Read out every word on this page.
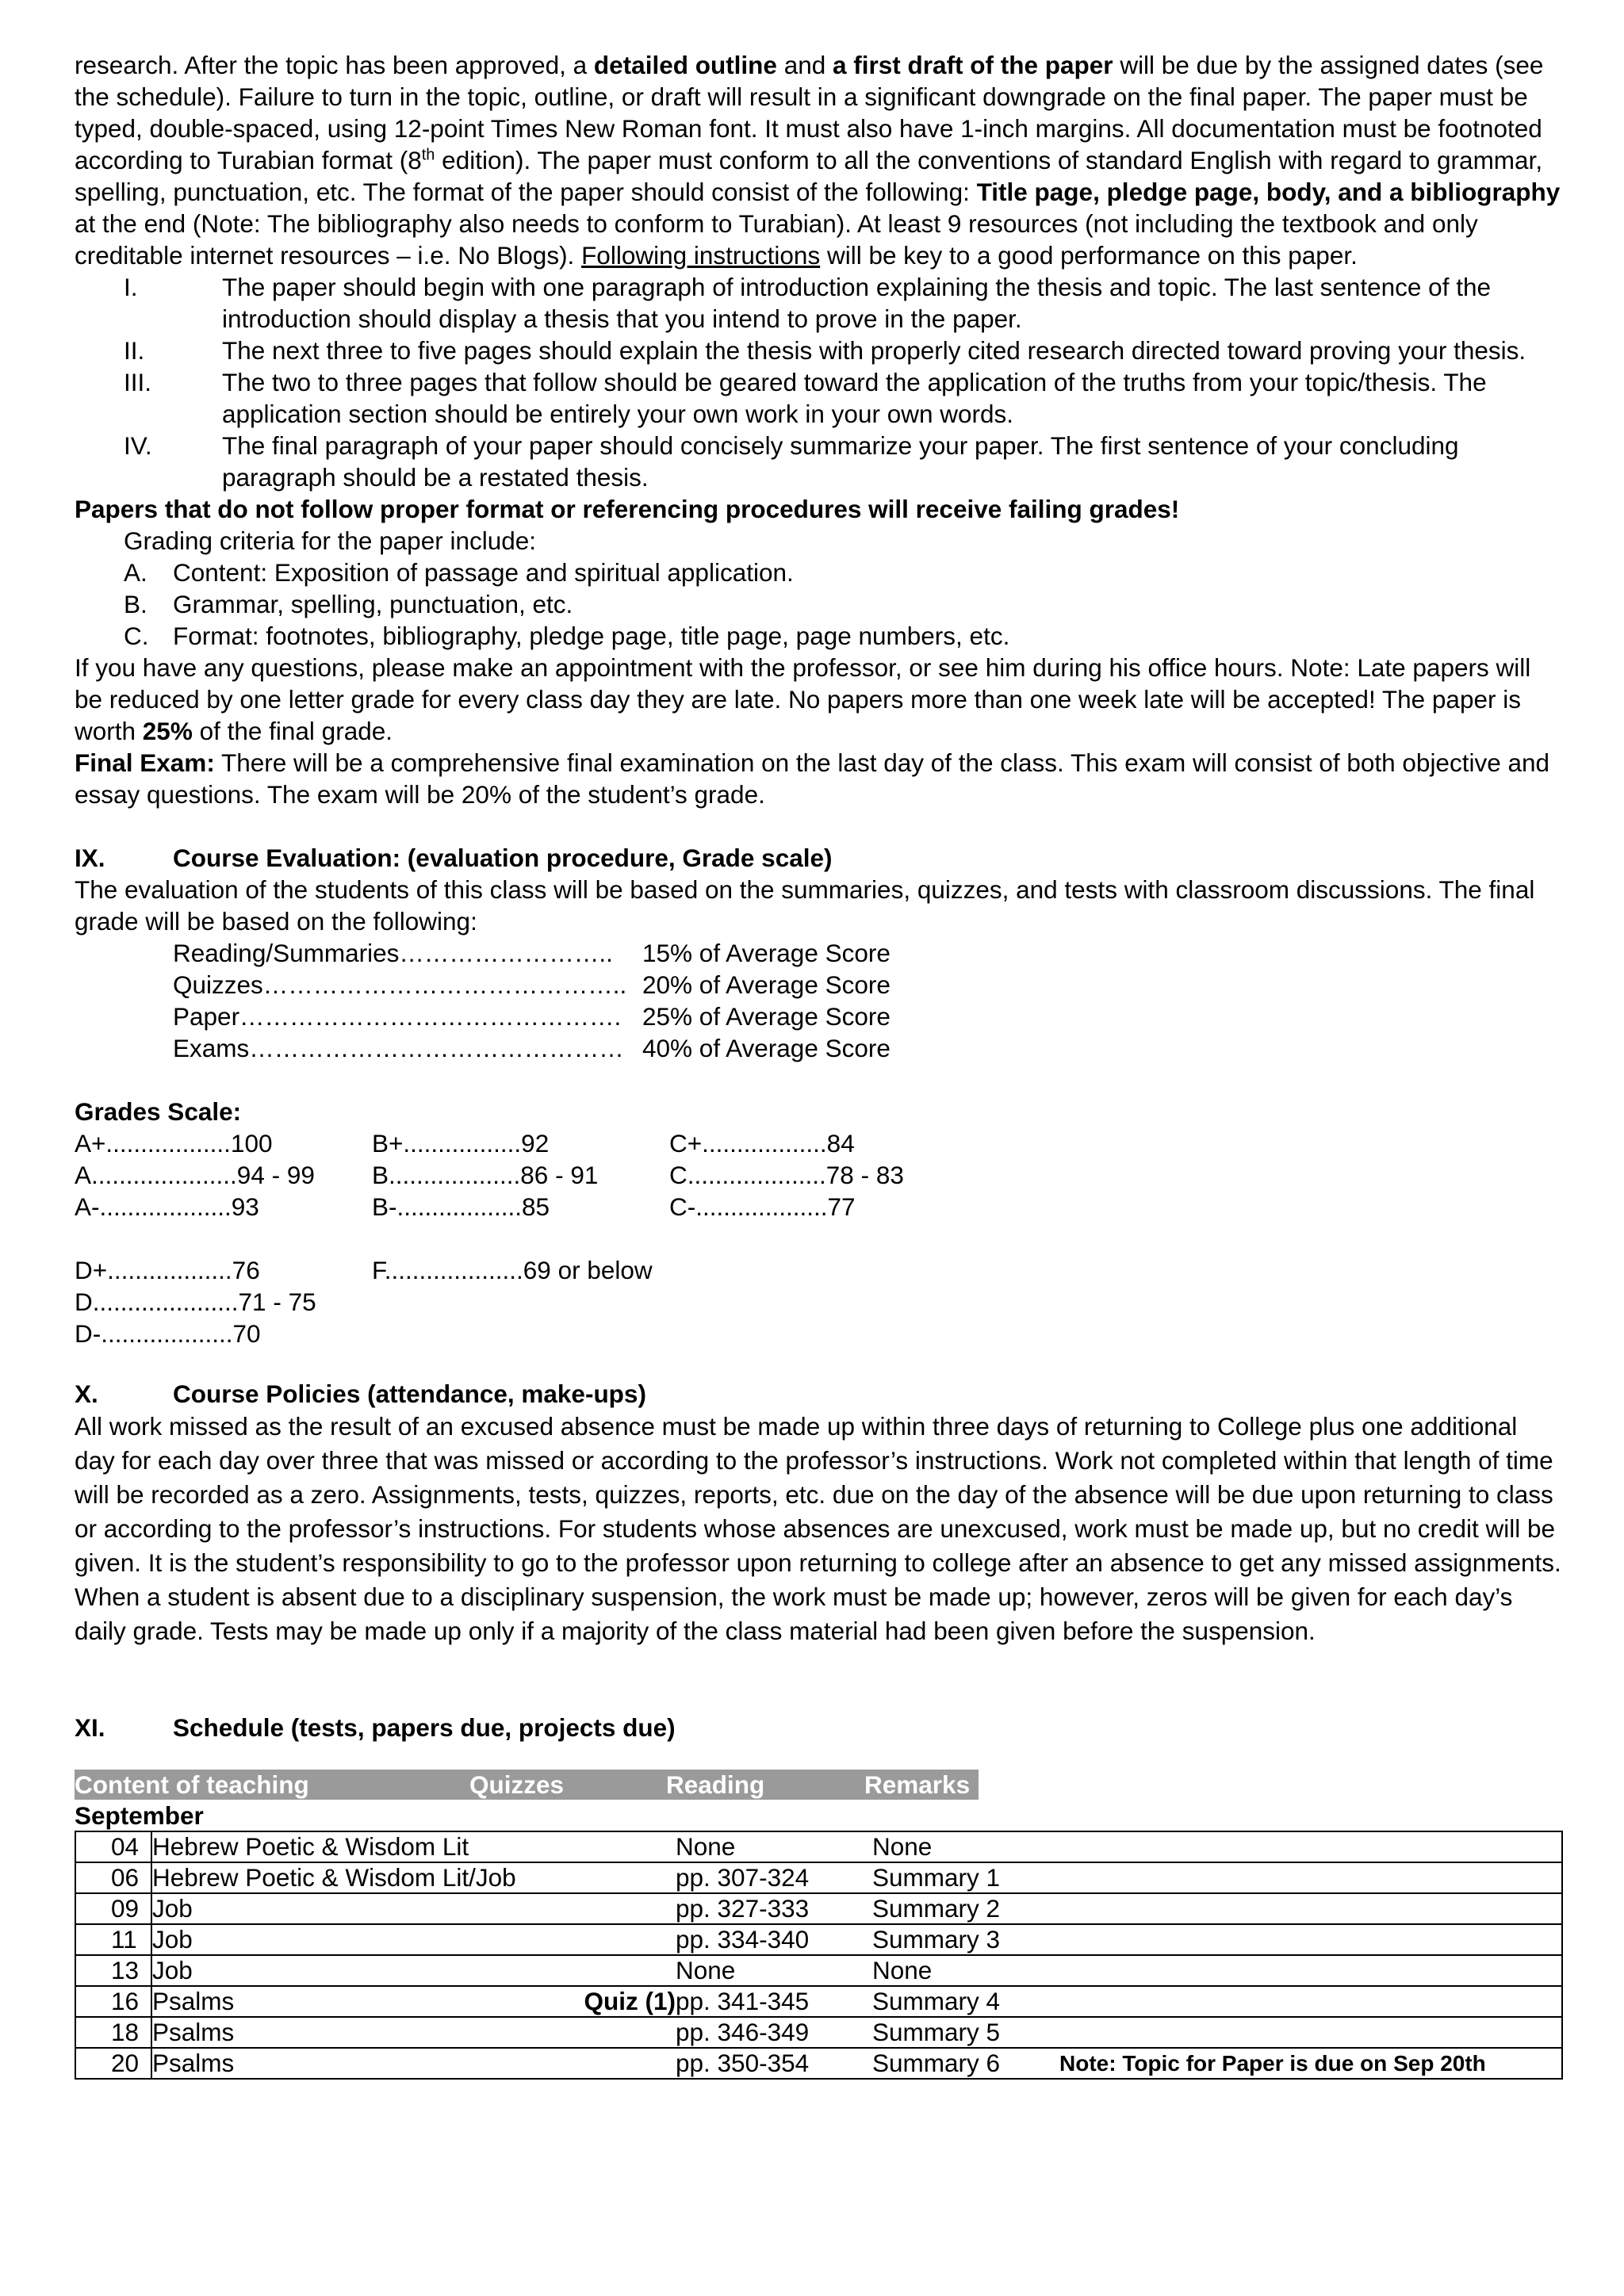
research. After the topic has been approved, a detailed outline and a first draft of the paper will be due by the assigned dates (see the schedule). Failure to turn in the topic, outline, or draft will result in a significant downgrade on the final paper. The paper must be typed, double-spaced, using 12-point Times New Roman font. It must also have 1-inch margins. All documentation must be footnoted according to Turabian format (8th edition). The paper must conform to all the conventions of standard English with regard to grammar, spelling, punctuation, etc. The format of the paper should consist of the following: Title page, pledge page, body, and a bibliography at the end (Note: The bibliography also needs to conform to Turabian). At least 9 resources (not including the textbook and only creditable internet resources – i.e. No Blogs). Following instructions will be key to a good performance on this paper.

I.	The paper should begin with one paragraph of introduction explaining the thesis and topic. The last sentence of the introduction should display a thesis that you intend to prove in the paper.
II.	The next three to five pages should explain the thesis with properly cited research directed toward proving your thesis.
III.	The two to three pages that follow should be geared toward the application of the truths from your topic/thesis. The application section should be entirely your own work in your own words.
IV.	The final paragraph of your paper should concisely summarize your paper. The first sentence of your concluding paragraph should be a restated thesis.

Papers that do not follow proper format or referencing procedures will receive failing grades!

Grading criteria for the paper include:
A. Content: Exposition of passage and spiritual application.
B. Grammar, spelling, punctuation, etc.
C. Format: footnotes, bibliography, pledge page, title page, page numbers, etc.

If you have any questions, please make an appointment with the professor, or see him during his office hours. Note: Late papers will be reduced by one letter grade for every class day they are late. No papers more than one week late will be accepted! The paper is worth 25% of the final grade.

Final Exam: There will be a comprehensive final examination on the last day of the class. This exam will consist of both objective and essay questions. The exam will be 20% of the student’s grade.

IX.	Course Evaluation: (evaluation procedure, Grade scale)

The evaluation of the students of this class will be based on the summaries, quizzes, and tests with classroom discussions. The final grade will be based on the following:

Reading/Summaries……………………..	15% of Average Score
Quizzes…………………………………….. 20% of Average Score
Paper………………………………………. 25% of Average Score
Exams……………………………………… 40% of Average Score

Grades Scale:

A+..................100	B+.................92	C+..................84
A.....................94 - 99	B...................86 - 91	C....................78 - 83
A-...................93	B-..................85	C-...................77
D+..................76	F....................69 or below
D.....................71 - 75
D-...................70
X.	Course Policies (attendance, make-ups)

All work missed as the result of an excused absence must be made up within three days of returning to College plus one additional day for each day over three that was missed or according to the professor’s instructions. Work not completed within that length of time will be recorded as a zero. Assignments, tests, quizzes, reports, etc. due on the day of the absence will be due upon returning to class or according to the professor’s instructions. For students whose absences are unexcused, work must be made up, but no credit will be given. It is the student’s responsibility to go to the professor upon returning to college after an absence to get any missed assignments. When a student is absent due to a disciplinary suspension, the work must be made up; however, zeros will be given for each day’s daily grade. Tests may be made up only if a majority of the class material had been given before the suspension.

XI.	Schedule (tests, papers due, projects due)
Content of teaching	Quizzes	Reading	Remarks
September
04	Hebrew Poetic & Wisdom Lit		None	None	
06	Hebrew Poetic & Wisdom Lit/Job		pp. 307-324	Summary 1	
09	Job		pp. 327-333	Summary 2	
11	Job		pp. 334-340	Summary 3	
13	Job		None	None	
16	Psalms	Quiz (1)	pp. 341-345	Summary 4	
18	Psalms		pp. 346-349	Summary 5	
20	Psalms		pp. 350-354	Summary 6	Note: Topic for Paper is due on Sep 20th
